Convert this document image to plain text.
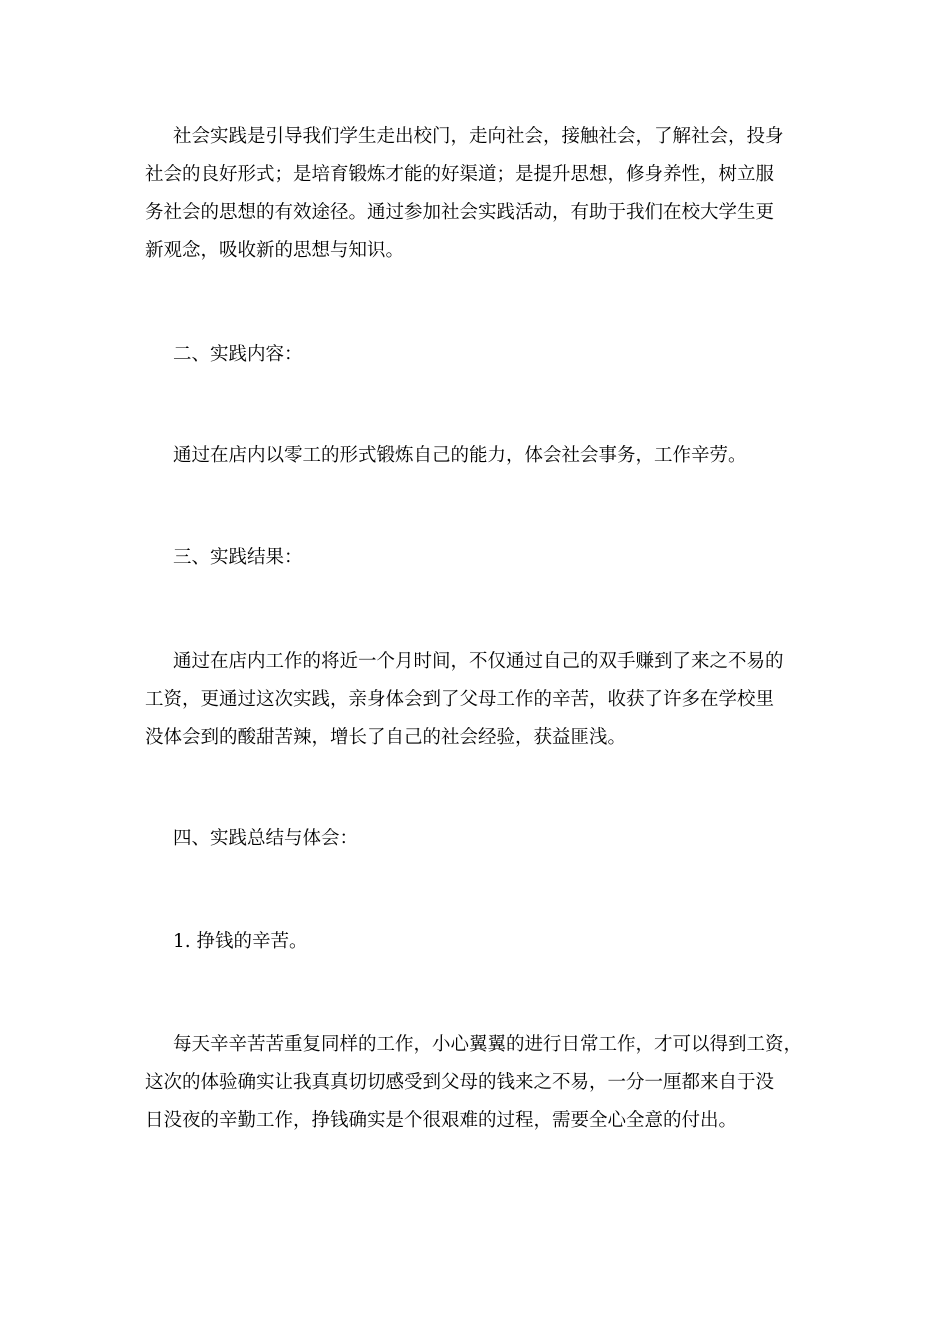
社会实践是引导我们学生走出校门，走向社会，接触社会，了解社会，投身
社会的良好形式；是培育锻炼才能的好渠道；是提升思想，修身养性，树立服
务社会的思想的有效途径。通过参加社会实践活动，有助于我们在校大学生更
新观念，吸收新的思想与知识。
二、实践内容：
通过在店内以零工的形式锻炼自己的能力，体会社会事务，工作辛劳。
三、实践结果：
通过在店内工作的将近一个月时间，不仅通过自己的双手赚到了来之不易的
工资，更通过这次实践，亲身体会到了父母工作的辛苦，收获了许多在学校里
没体会到的酸甜苦辣，增长了自己的社会经验，获益匪浅。
四、实践总结与体会：
1. 挣钱的辛苦。
每天辛辛苦苦重复同样的工作，小心翼翼的进行日常工作，才可以得到工资，
这次的体验确实让我真真切切感受到父母的钱来之不易，一分一厘都来自于没
日没夜的辛勤工作，挣钱确实是个很艰难的过程，需要全心全意的付出。
